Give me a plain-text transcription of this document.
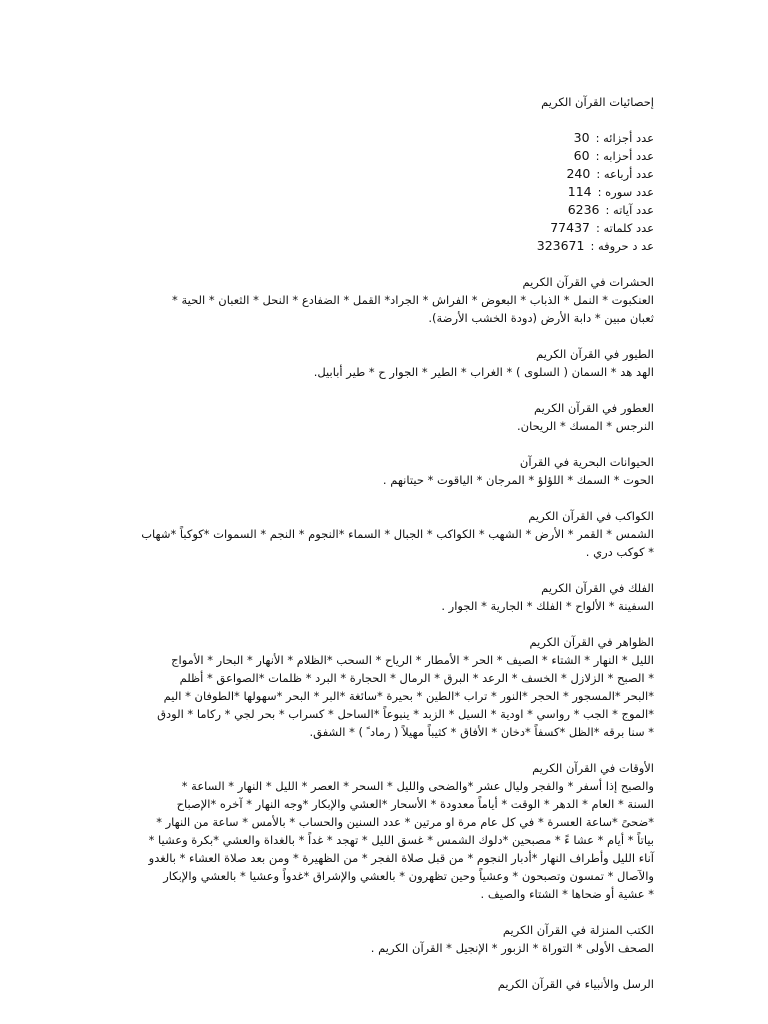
إحصائيات القرآن الكريم
عدد أجزائه :30
عدد أحزابه :60
عدد أرباعه :240
عدد سوره :114
عدد آياته :6236
عدد كلماته :77437
عد د حروفه :323671
الحشرات في القرآن الكريم
العنكبوت * النمل * الذباب * البعوض * الفراش * الجراد* القمل * الضفادع * النحل * الثعبان * الحية *
ثعبان مبين * دابة الأرض (دودة الخشب الأرضة).
الطيور في القرآن الكريم
الهد هد * السمان ( السلوى ) * الغراب * الطير * الجوار ح * طير أبابيل.
العطور في القرآن الكريم
النرجس * المسك * الريحان.
الحيوانات البحرية في القرآن
الحوت * السمك * اللؤلؤ * المرجان * الياقوت * حيتانهم .
الكواكب في القرآن الكريم
الشمس * القمر * الأرض * الشهب * الكواكب * الجبال * السماء *النجوم * النجم * السموات *كوكباً *شهاب
* كوكب دري .
الفلك في القرآن الكريم
السفينة * الألواح * الفلك * الجارية * الجوار .
الظواهر في القرآن الكريم
الليل * النهار * الشتاء * الصيف * الحر * الأمطار * الرياح * السحب *الظلام * الأنهار * البحار * الأمواج
* الصبح * الزلازل * الخسف * الرعد * البرق * الرمال * الحجارة * البرد * ظلمات *الصواعق * أظلم
*البحر *المسجور * الحجر *النور * تراب *الطين * بحيرة *سائغة *البر * البحر *سهولها *الطوفان * اليم
*الموج * الجب * رواسي * اودية * السيل * الزبد * ينبوعاً *الساحل * كسراب * بحر لجي * ركاما * الودق
* سنا برقه *الظل *كسفاً *دخان * الأفاق * كثيباً مهيلاً ( رماد ً ) * الشفق.
الأوقات في القرآن الكريم
والصبح إذا أسفر * والفجر وليال عشر *والضحى والليل * السحر * العصر * الليل * النهار * الساعة *
السنة * العام * الدهر * الوقت * أياماً معدودة * الأسحار *العشي والإبكار *وجه النهار * آخره *الإصباح
*ضحىً *ساعة العسرة * في كل عام مرة او مرتين * عدد السنين والحساب * بالأمس * ساعة من النهار *
بياتاً * أيام * عشا ءً * مصبحين *دلوك الشمس * غسق الليل * تهجد * غداً * بالغداة والعشي *بكرة وعشيا *
آناء الليل وأطراف النهار *أدبار النجوم * من قبل صلاة الفجر * من الظهيرة * ومن بعد صلاة العشاء * بالغدو
والآصال * تمسون وتصبحون * وعشياً وحين تظهرون * بالعشي والإشراق *غدواً وعشيا * بالعشي والإبكار
* عشية أو ضحاها * الشتاء والصيف .
الكتب المنزلة في القرآن الكريم
الصحف الأولى * التوراة * الزبور * الإنجيل * القرآن الكريم .
الرسل والأنبياء في القرآن الكريم
